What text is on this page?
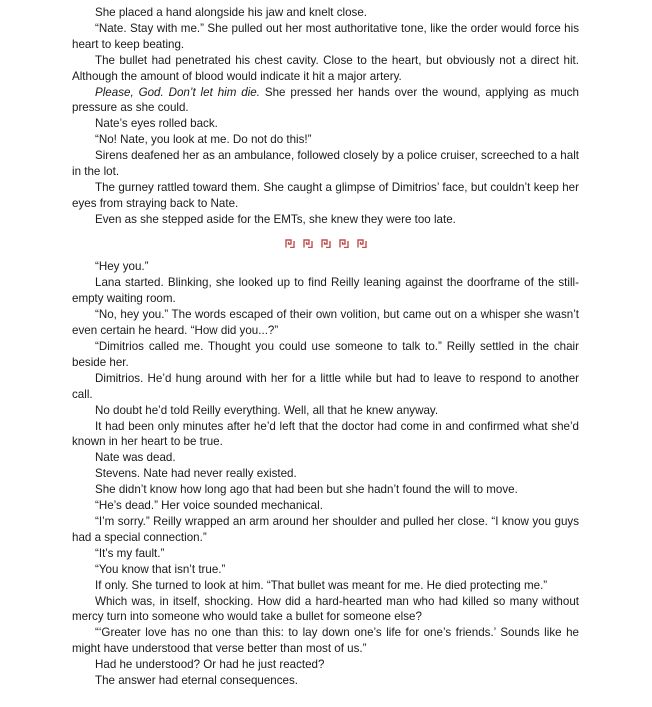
She placed a hand alongside his jaw and knelt close.

“Nate. Stay with me.” She pulled out her most authoritative tone, like the order would force his heart to keep beating.

The bullet had penetrated his chest cavity. Close to the heart, but obviously not a direct hit. Although the amount of blood would indicate it hit a major artery.

Please, God. Don’t let him die. She pressed her hands over the wound, applying as much pressure as she could.

Nate’s eyes rolled back.

“No! Nate, you look at me. Do not do this!”

Sirens deafened her as an ambulance, followed closely by a police cruiser, screeched to a halt in the lot.

The gurney rattled toward them. She caught a glimpse of Dimitrios’ face, but couldn’t keep her eyes from straying back to Nate.

Even as she stepped aside for the EMTs, she knew they were too late.

“Hey you.”

Lana started. Blinking, she looked up to find Reilly leaning against the doorframe of the still-empty waiting room.

“No, hey you.” The words escaped of their own volition, but came out on a whisper she wasn’t even certain he heard. “How did you...?”

“Dimitrios called me. Thought you could use someone to talk to.” Reilly settled in the chair beside her.

Dimitrios. He’d hung around with her for a little while but had to leave to respond to another call.

No doubt he’d told Reilly everything. Well, all that he knew anyway.

It had been only minutes after he’d left that the doctor had come in and confirmed what she’d known in her heart to be true.

Nate was dead.

Stevens. Nate had never really existed.

She didn’t know how long ago that had been but she hadn’t found the will to move.

“He’s dead.” Her voice sounded mechanical.

“I’m sorry.” Reilly wrapped an arm around her shoulder and pulled her close. “I know you guys had a special connection.”

“It’s my fault.”

“You know that isn’t true.”

If only. She turned to look at him. “That bullet was meant for me. He died protecting me.”

Which was, in itself, shocking. How did a hard-hearted man who had killed so many without mercy turn into someone who would take a bullet for someone else?

“‘Greater love has no one than this: to lay down one’s life for one’s friends.’ Sounds like he might have understood that verse better than most of us.”

Had he understood? Or had he just reacted?

The answer had eternal consequences.
